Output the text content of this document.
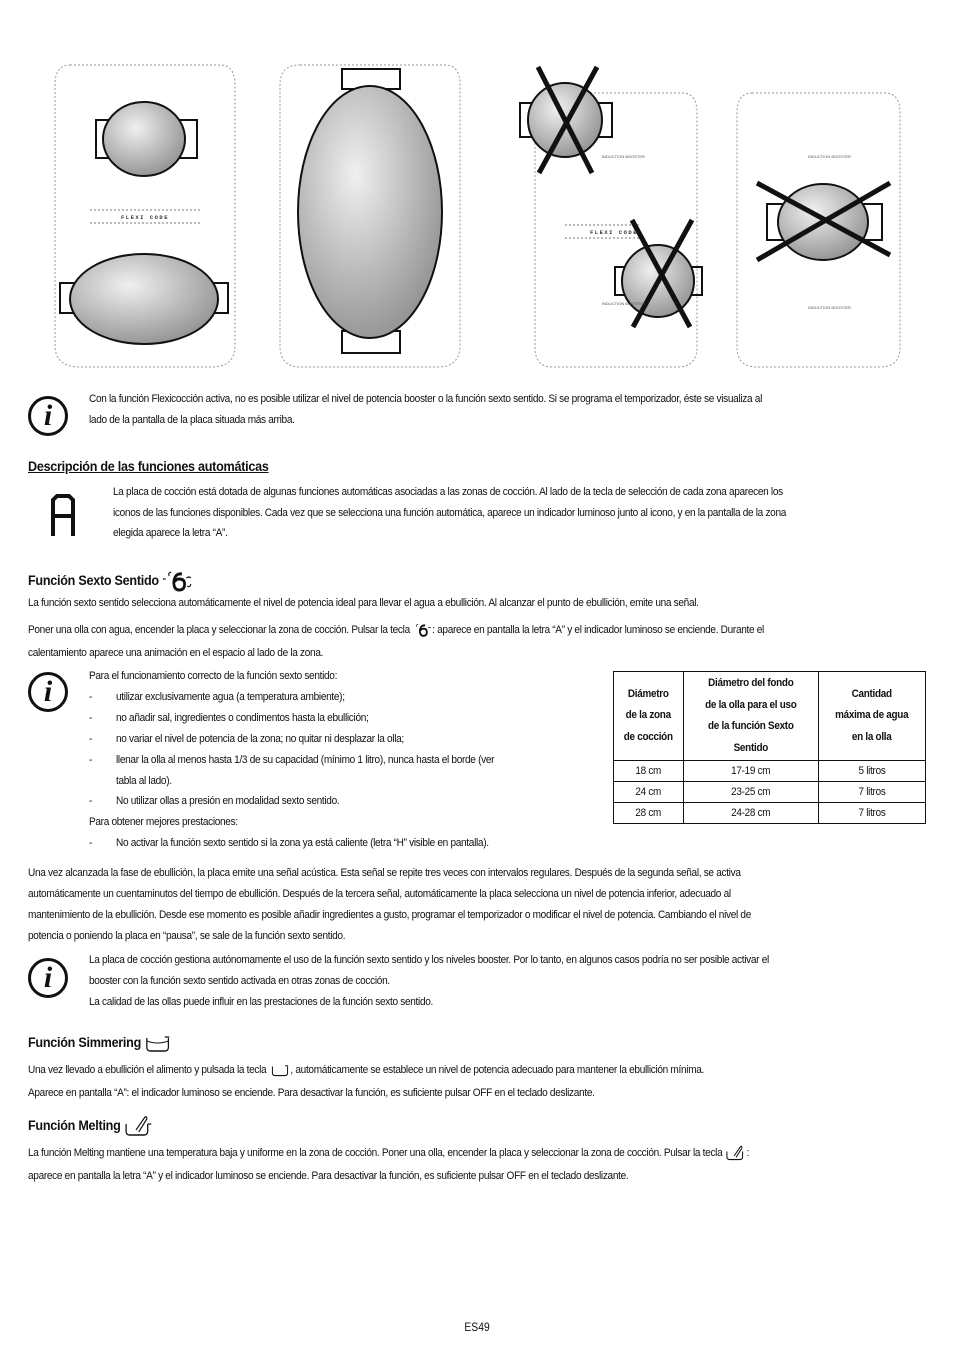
FLEXI CODE
FLEXI CODE
INDUCTION BOOSTER
INDUCTION BOOSTER
INDUCTION BOOSTER
INDUCTION BOOSTER
i	Con la función Flexicocción activa, no es posible utilizar el nivel de potencia booster o la función sexto sentido. Si se programa el temporizador, éste se visualiza al
lado de la pantalla de la placa situada más arriba.
Descripción de las funciones automáticas
La placa de cocción está dotada de algunas funciones automáticas asociadas a las zonas de cocción. Al lado de la tecla de selección de cada zona aparecen los
iconos de las funciones disponibles. Cada vez que se selecciona una función automática, aparece un indicador luminoso junto al icono, y en la pantalla de la zona
elegida aparece la letra “A”.
Función Sexto Sentido
La función sexto sentido selecciona automáticamente el nivel de potencia ideal para llevar el agua a ebullición. Al alcanzar el punto de ebullición, emite una señal.
Poner una olla con agua, encender la placa y seleccionar la zona de cocción. Pulsar la tecla : aparece en pantalla la letra “A” y el indicador luminoso se enciende. Durante el
calentamiento aparece una animación en el espacio al lado de la zona.
i	Para el funcionamiento correcto de la función sexto sentido:
- utilizar exclusivamente agua (a temperatura ambiente);
- no añadir sal, ingredientes o condimentos hasta la ebullición;
- no variar el nivel de potencia de la zona; no quitar ni desplazar la olla;
- llenar la olla al menos hasta 1/3 de su capacidad (mínimo 1 litro), nunca hasta el borde (ver
tabla al lado).
- No utilizar ollas a presión en modalidad sexto sentido.
Para obtener mejores prestaciones:
- No activar la función sexto sentido si la zona ya está caliente (letra “H” visible en pantalla).
Diámetro
de la zona
de cocción	Diámetro del fondo
de la olla para el uso
de la función Sexto
Sentido	Cantidad
máxima de agua
en la olla
18 cm	17-19 cm	5 litros
24 cm	23-25 cm	7 litros
28 cm	24-28 cm	7 litros
Una vez alcanzada la fase de ebullición, la placa emite una señal acústica. Esta señal se repite tres veces con intervalos regulares. Después de la segunda señal, se activa
automáticamente un cuentaminutos del tiempo de ebullición. Después de la tercera señal, automáticamente la placa selecciona un nivel de potencia inferior, adecuado al
mantenimiento de la ebullición. Desde ese momento es posible añadir ingredientes a gusto, programar el temporizador o modificar el nivel de potencia. Cambiando el nivel de
potencia o poniendo la placa en “pausa”, se sale de la función sexto sentido.
i
La placa de cocción gestiona autónomamente el uso de la función sexto sentido y los niveles booster. Por lo tanto, en algunos casos podría no ser posible activar el
booster con la función sexto sentido activada en otras zonas de cocción.
La calidad de las ollas puede influir en las prestaciones de la función sexto sentido.
Función Simmering
Una vez llevado a ebullición el alimento y pulsada la tecla , automáticamente se establece un nivel de potencia adecuado para mantener la ebullición mínima.
Aparece en pantalla “A”: el indicador luminoso se enciende. Para desactivar la función, es suficiente pulsar OFF en el teclado deslizante.
Función Melting
La función Melting mantiene una temperatura baja y uniforme en la zona de cocción. Poner una olla, encender la placa y seleccionar la zona de cocción. Pulsar la tecla :
aparece en pantalla la letra “A” y el indicador luminoso se enciende. Para desactivar la función, es suficiente pulsar OFF en el teclado deslizante.
ES49
